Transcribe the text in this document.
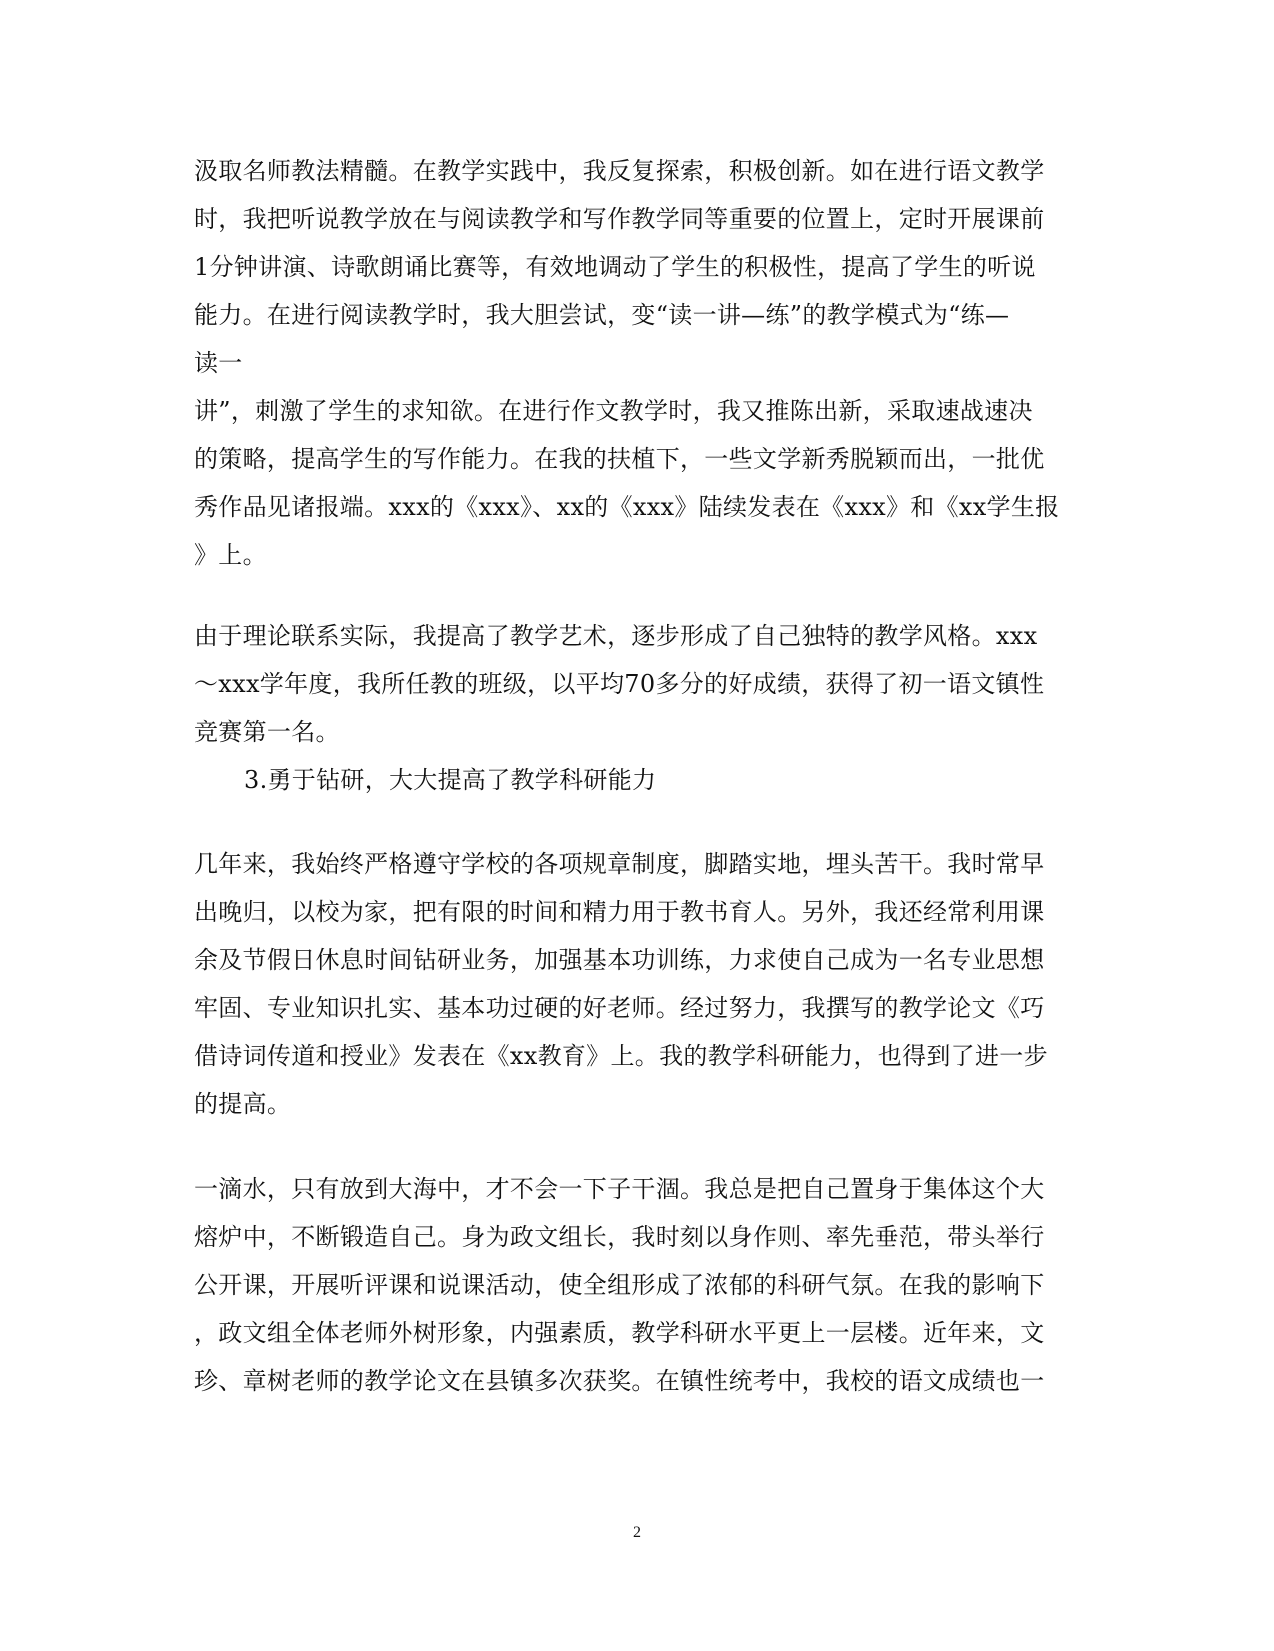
汲取名师教法精髓。在教学实践中，我反复探索，积极创新。如在进行语文教学
时，我把听说教学放在与阅读教学和写作教学同等重要的位置上，定时开展课前
1分钟讲演、诗歌朗诵比赛等，有效地调动了学生的积极性，提高了学生的听说
能力。在进行阅读教学时，我大胆尝试，变“读一讲—练”的教学模式为“练—
读一
讲”，刺激了学生的求知欲。在进行作文教学时，我又推陈出新，采取速战速决
的策略，提高学生的写作能力。在我的扶植下，一些文学新秀脱颖而出，一批优
秀作品见诸报端。xxx的《xxx》、xx的《xxx》陆续发表在《xxx》和《xx学生报
》上。
由于理论联系实际，我提高了教学艺术，逐步形成了自己独特的教学风格。xxx
～xxx学年度，我所任教的班级，以平均70多分的好成绩，获得了初一语文镇性
竞赛第一名。
3.勇于钻研，大大提高了教学科研能力
几年来，我始终严格遵守学校的各项规章制度，脚踏实地，埋头苦干。我时常早
出晚归，以校为家，把有限的时间和精力用于教书育人。另外，我还经常利用课
余及节假日休息时间钻研业务，加强基本功训练，力求使自己成为一名专业思想
牢固、专业知识扎实、基本功过硬的好老师。经过努力，我撰写的教学论文《巧
借诗词传道和授业》发表在《xx教育》上。我的教学科研能力，也得到了进一步
的提高。
一滴水，只有放到大海中，才不会一下子干涸。我总是把自己置身于集体这个大
熔炉中，不断锻造自己。身为政文组长，我时刻以身作则、率先垂范，带头举行
公开课，开展听评课和说课活动，使全组形成了浓郁的科研气氛。在我的影响下
，政文组全体老师外树形象，内强素质，教学科研水平更上一层楼。近年来，文
珍、章树老师的教学论文在县镇多次获奖。在镇性统考中，我校的语文成绩也一
2
